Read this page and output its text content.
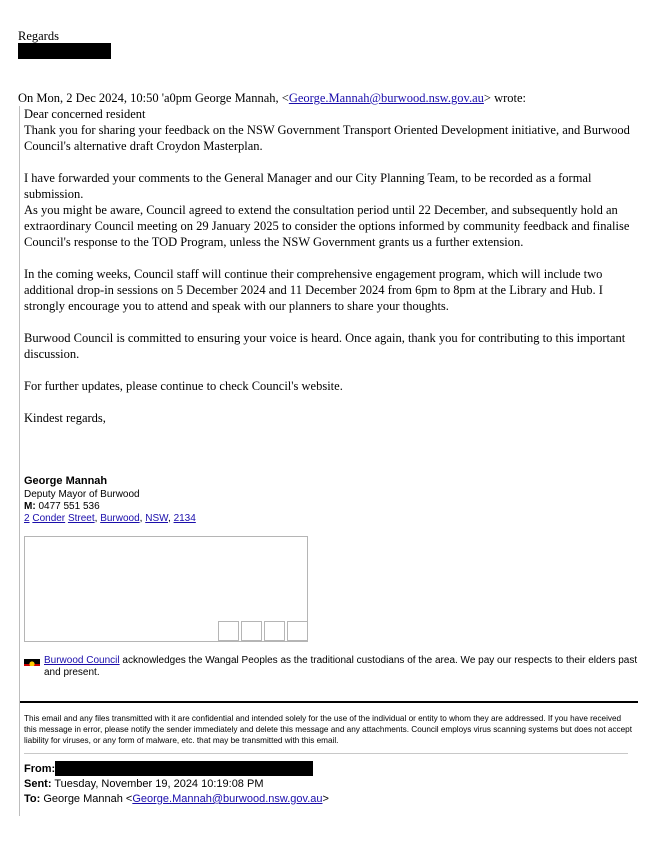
Regards
On Mon, 2 Dec 2024, 10:50 'a0pm George Mannah, <George.Mannah@burwood.nsw.gov.au> wrote:

Dear concerned resident

Thank you for sharing your feedback on the NSW Government Transport Oriented Development initiative, and Burwood Council's alternative draft Croydon Masterplan.

I have forwarded your comments to the General Manager and our City Planning Team, to be recorded as a formal submission.

As you might be aware, Council agreed to extend the consultation period until 22 December, and subsequently hold an extraordinary Council meeting on 29 January 2025 to consider the options informed by community feedback and finalise Council's response to the TOD Program, unless the NSW Government grants us a further extension.

In the coming weeks, Council staff will continue their comprehensive engagement program, which will include two additional drop-in sessions on 5 December 2024 and 11 December 2024 from 6pm to 8pm at the Library and Hub. I strongly encourage you to attend and speak with our planners to share your thoughts.

Burwood Council is committed to ensuring your voice is heard. Once again, thank you for contributing to this important discussion.

For further updates, please continue to check Council's website.

Kindest regards,

George Mannah
Deputy Mayor of Burwood
M: 0477 551 536
2 Conder Street, Burwood, NSW, 2134
Burwood Council acknowledges the Wangal Peoples as the traditional custodians of the area. We pay our respects to their elders past and present.
This email and any files transmitted with it are confidential and intended solely for the use of the individual or entity to whom they are addressed. If you have received this message in error, please notify the sender immediately and delete this message and any attachments. Council employs virus scanning systems but does not accept liability for viruses, or any form of malware, etc. that may be transmitted with this email.
From:
Sent: Tuesday, November 19, 2024 10:19:08 PM
To: George Mannah <George.Mannah@burwood.nsw.gov.au>
